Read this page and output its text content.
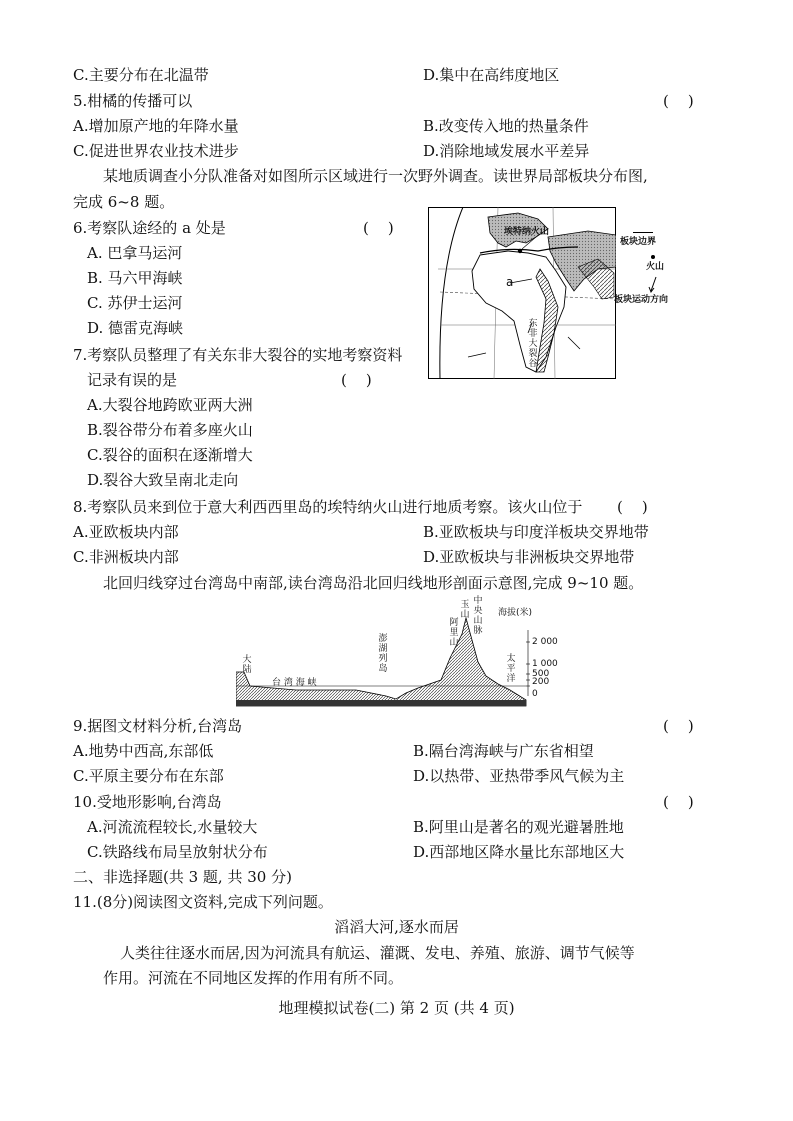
C.主要分布在北温带	D.集中在高纬度地区
5.柑橘的传播可以	(    )
A.增加原产地的年降水量	B.改变传入地的热量条件
C.促进世界农业技术进步	D.消除地域发展水平差异
某地质调查小分队准备对如图所示区域进行一次野外调查。读世界局部板块分布图,
完成 6~8 题。
6.考察队途经的 a 处是	(    )
A. 巴拿马运河
B. 马六甲海峡
C. 苏伊士运河
D. 德雷克海峡
埃特纳火山
a
东非大裂谷
板块边界
火山
板块运动方向
7.考察队员整理了有关东非大裂谷的实地考察资料
记录有误的是	(    )
A.大裂谷地跨欧亚两大洲
B.裂谷带分布着多座火山
C.裂谷的面积在逐渐增大
D.裂谷大致呈南北走向
8.考察队员来到位于意大利西西里岛的埃特纳火山进行地质考察。该火山位于 (    )
A.亚欧板块内部	B.亚欧板块与印度洋板块交界地带
C.非洲板块内部	D.亚欧板块与非洲板块交界地带
北回归线穿过台湾岛中南部,读台湾岛沿北回归线地形剖面示意图,完成 9~10 题。
大陆
台 湾 海 峡
澎湖列岛
阿里山
玉山
中央山脉
太平洋
海拔(米)
2 000
1 000
500
200
0
9.据图文材料分析,台湾岛	(    )
A.地势中西高,东部低	B.隔台湾海峡与广东省相望
C.平原主要分布在东部	D.以热带、亚热带季风气候为主
10.受地形影响,台湾岛	(    )
A.河流流程较长,水量较大	B.阿里山是著名的观光避暑胜地
C.铁路线布局呈放射状分布	D.西部地区降水量比东部地区大
二、非选择题(共 3 题, 共 30 分)
11.(8分)阅读图文资料,完成下列问题。
滔滔大河,逐水而居
人类往往逐水而居,因为河流具有航运、灌溉、发电、养殖、旅游、调节气候等
作用。河流在不同地区发挥的作用有所不同。
地理模拟试卷(二) 第 2 页 (共 4 页)
